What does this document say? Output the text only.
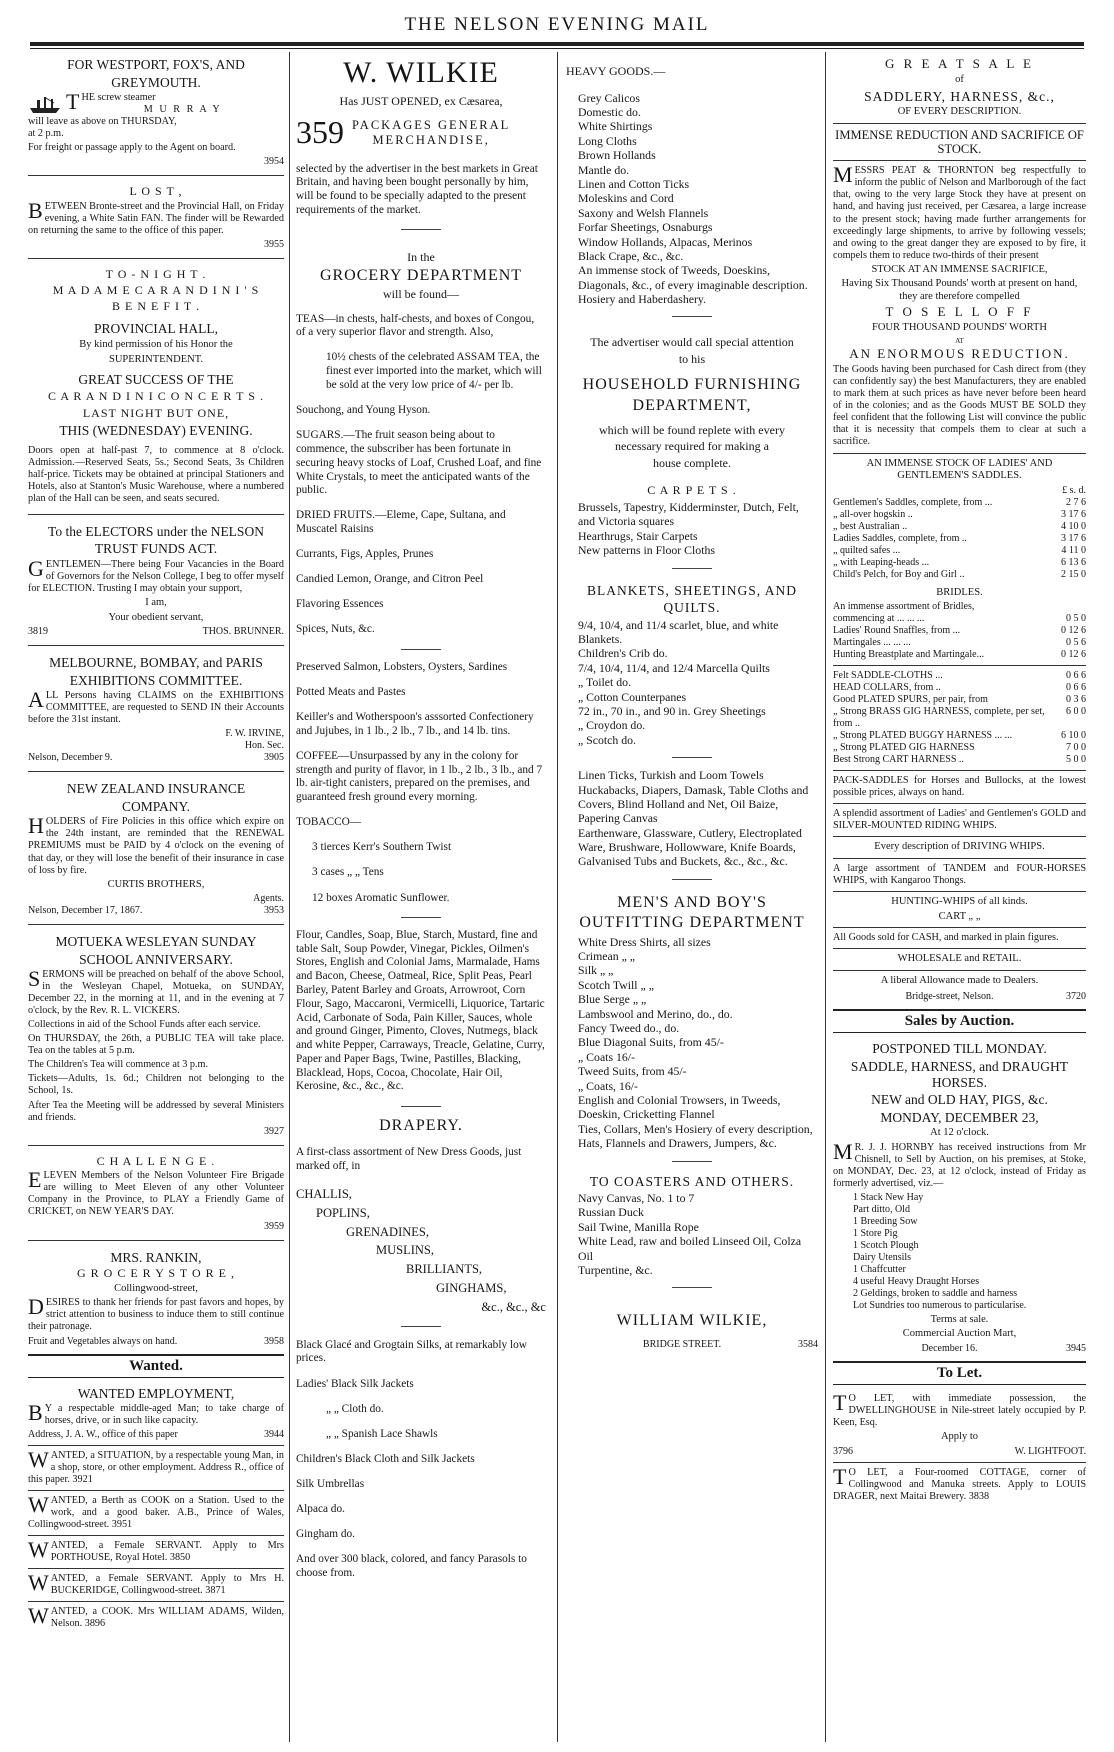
THE NELSON EVENING MAIL
FOR WESTPORT, FOX'S, AND
GREYMOUTH.
T HE screw steamer

M U R R A Y

will leave as above on THURSDAY,

at 2 p.m.

For freight or passage apply to the Agent on board.

3954
L O S T ,

BETWEEN Bronte-street and the Provincial Hall, on Friday evening, a White Satin FAN. The finder will be Rewarded on returning the same to the office of this paper.

3955
T O - N I G H T .
M A D A M E C A R A N D I N I ' S
B E N E F I T .
PROVINCIAL HALL,
By kind permission of his Honor the
SUPERINTENDENT.
GREAT SUCCESS OF THE
C A R A N D I N I C O N C E R T S .
LAST NIGHT BUT ONE,
THIS (WEDNESDAY) EVENING.

Doors open at half-past 7, to commence at 8 o'clock. Admission.—Reserved Seats, 5s.; Second Seats, 3s Children half-price. Tickets may be obtained at principal Stationers and Hotels, also at Stanton's Music Warehouse, where a numbered plan of the Hall can be seen, and seats secured.

To the ELECTORS under the NELSON
TRUST FUNDS ACT.

GENTLEMEN—There being Four Vacancies in the Board of Governors for the Nelson College, I beg to offer myself for ELECTION. Trusting I may obtain your support,

I am,
Your obedient servant,
3819	THOS. BRUNNER.
MELBOURNE, BOMBAY, and PARIS
EXHIBITIONS COMMITTEE.

ALL Persons having CLAIMS on the EXHIBITIONS COMMITTEE, are requested to SEND IN their Accounts before the 31st instant.

F. W. IRVINE,
Hon. Sec.
Nelson, December 9.	3905
NEW ZEALAND INSURANCE
COMPANY.

HOLDERS of Fire Policies in this office which expire on the 24th instant, are reminded that the RENEWAL PREMIUMS must be PAID by 4 o'clock on the evening of that day, or they will lose the benefit of their insurance in case of loss by fire.

CURTIS BROTHERS,
Agents.
Nelson, December 17, 1867.	3953
MOTUEKA WESLEYAN SUNDAY
SCHOOL ANNIVERSARY.

SERMONS will be preached on behalf of the above School, in the Wesleyan Chapel, Motueka, on SUNDAY, December 22, in the morning at 11, and in the evening at 7 o'clock, by the Rev. R. L. VICKERS.

Collections in aid of the School Funds after each service.

On THURSDAY, the 26th, a PUBLIC TEA will take place. Tea on the tables at 5 p.m.

The Children's Tea will commence at 3 p.m.

Tickets—Adults, 1s. 6d.; Children not belonging to the School, 1s.

After Tea the Meeting will be addressed by several Ministers and friends.

3927
C H A L L E N G E .

ELEVEN Members of the Nelson Volunteer Fire Brigade are willing to Meet Eleven of any other Volunteer Company in the Province, to PLAY a Friendly Game of CRICKET, on NEW YEAR'S DAY.

3959
MRS. RANKIN,
G R O C E R Y S T O R E ,
Collingwood-street,

DESIRES to thank her friends for past favors and hopes, by strict attention to business to induce them to still continue their patronage.

Fruit and Vegetables always on hand.	3958
Wanted.
WANTED EMPLOYMENT,

B Y a respectable middle-aged Man; to take charge of horses, drive, or in such like capacity.

Address, J. A. W., office of this paper	3944

WANTED, a SITUATION, by a respectable young Man, in a shop, store, or other employment. Address R., office of this paper. 3921

WANTED, a Berth as COOK on a Station. Used to the work, and a good baker. A.B., Prince of Wales, Collingwood-street. 3951

WANTED, a Female SERVANT. Apply to Mrs PORTHOUSE, Royal Hotel. 3850

WANTED, a Female SERVANT. Apply to Mrs H. BUCKERIDGE, Collingwood-street. 3871

WANTED, a COOK. Mrs WILLIAM ADAMS, Wilden, Nelson. 3896

W. WILKIE
Has JUST OPENED, ex Cæsarea,
359 PACKAGES GENERAL
MERCHANDISE,

selected by the advertiser in the best markets in Great Britain, and having been bought personally by him, will be found to be specially adapted to the present requirements of the market.

In the
GROCERY DEPARTMENT
will be found—

TEAS—in chests, half-chests, and boxes of Congou, of a very superior flavor and strength. Also,

10½ chests of the celebrated ASSAM TEA, the finest ever imported into the market, which will be sold at the very low price of 4/- per lb.

Souchong, and Young Hyson.

SUGARS.—The fruit season being about to commence, the subscriber has been fortunate in securing heavy stocks of Loaf, Crushed Loaf, and fine White Crystals, to meet the anticipated wants of the public.

DRIED FRUITS.—Eleme, Cape, Sultana, and Muscatel Raisins

Currants, Figs, Apples, Prunes

Candied Lemon, Orange, and Citron Peel

Flavoring Essences

Spices, Nuts, &c.

Preserved Salmon, Lobsters, Oysters, Sardines

Potted Meats and Pastes

Keiller's and Wotherspoon's asssorted Confectionery and Jujubes, in 1 lb., 2 lb., 7 lb., and 14 lb. tins.

COFFEE—Unsurpassed by any in the colony for strength and purity of flavor, in 1 lb., 2 lb., 3 lb., and 7 lb. air-tight canisters, prepared on the premises, and guaranteed fresh ground every morning.

TOBACCO—

3 tierces Kerr's Southern Twist

3 cases „ „ Tens

12 boxes Aromatic Sunflower.

Flour, Candles, Soap, Blue, Starch, Mustard, fine and table Salt, Soup Powder, Vinegar, Pickles, Oilmen's Stores, English and Colonial Jams, Marmalade, Hams and Bacon, Cheese, Oatmeal, Rice, Split Peas, Pearl Barley, Patent Barley and Groats, Arrowroot, Corn Flour, Sago, Maccaroni, Vermicelli, Liquorice, Tartaric Acid, Carbonate of Soda, Pain Killer, Sauces, whole and ground Ginger, Pimento, Cloves, Nutmegs, black and white Pepper, Carraways, Treacle, Gelatine, Curry, Paper and Paper Bags, Twine, Pastilles, Blacking, Blacklead, Hops, Cocoa, Chocolate, Hair Oil, Kerosine, &c., &c., &c.

DRAPERY.

A first-class assortment of New Dress Goods, just marked off, in

CHALLIS,
POPLINS,
GRENADINES,
MUSLINS,
BRILLIANTS,
GINGHAMS,
&c., &c., &c

Black Glacé and Grogtain Silks, at remarkably low prices.

Ladies' Black Silk Jackets

„ „ Cloth do.

„ „ Spanish Lace Shawls

Children's Black Cloth and Silk Jackets

Silk Umbrellas

Alpaca do.

Gingham do.

And over 300 black, colored, and fancy Parasols to choose from.

HEAVY GOODS.—

Grey Calicos
Domestic do.
White Shirtings
Long Cloths
Brown Hollands
Mantle do.
Linen and Cotton Ticks
Moleskins and Cord
Saxony and Welsh Flannels
Forfar Sheetings, Osnaburgs
Window Hollands, Alpacas, Merinos
Black Crape, &c., &c.
An immense stock of Tweeds, Doeskins, Diagonals, &c., of every imaginable description.
Hosiery and Haberdashery.
The advertiser would call special attention
to his
HOUSEHOLD FURNISHING
DEPARTMENT,
which will be found replete with every
necessary required for making a
house complete.
C A R P E T S .
Brussels, Tapestry, Kidderminster, Dutch, Felt, and Victoria squares
Hearthrugs, Stair Carpets
New patterns in Floor Cloths
BLANKETS, SHEETINGS, AND
QUILTS.
9/4, 10/4, and 11/4 scarlet, blue, and white Blankets.
Children's Crib do.
7/4, 10/4, 11/4, and 12/4 Marcella Quilts
„ Toilet do.
„ Cotton Counterpanes
72 in., 70 in., and 90 in. Grey Sheetings
„ Croydon do.
„ Scotch do.
Linen Ticks, Turkish and Loom Towels
Huckabacks, Diapers, Damask, Table Cloths and Covers, Blind Holland and Net, Oil Baize, Papering Canvas
Earthenware, Glassware, Cutlery, Electroplated Ware, Brushware, Hollowware, Knife Boards, Galvanised Tubs and Buckets, &c., &c., &c.
MEN'S AND BOY'S
OUTFITTING DEPARTMENT
White Dress Shirts, all sizes
Crimean „ „
Silk „ „
Scotch Twill „ „
Blue Serge „ „
Lambswool and Merino, do., do.
Fancy Tweed do., do.
Blue Diagonal Suits, from 45/-
„ Coats 16/-
Tweed Suits, from 45/-
„ Coats, 16/-
English and Colonial Trowsers, in Tweeds, Doeskin, Cricketting Flannel
Ties, Collars, Men's Hosiery of every description, Hats, Flannels and Drawers, Jumpers, &c.
TO COASTERS AND OTHERS.
Navy Canvas, No. 1 to 7
Russian Duck
Sail Twine, Manilla Rope
White Lead, raw and boiled Linseed Oil, Colza Oil
Turpentine, &c.
WILLIAM WILKIE,
BRIDGE STREET.	3584
G R E A T S A L E
of
SADDLERY, HARNESS, &c.,
OF EVERY DESCRIPTION.
IMMENSE REDUCTION AND SACRIFICE OF STOCK.

MESSRS PEAT & THORNTON beg respectfully to inform the public of Nelson and Marlborough of the fact that, owing to the very large Stock they have at present on hand, and having just received, per Cæsarea, a large increase to the present stock; having made further arrangements for exceedingly large shipments, to arrive by following vessels; and owing to the great danger they are exposed to by fire, it compels them to reduce two-thirds of their present

STOCK AT AN IMMENSE SACRIFICE,
Having Six Thousand Pounds' worth at present on hand, they are therefore compelled
T O S E L L O F F
FOUR THOUSAND POUNDS' WORTH
AT
AN ENORMOUS REDUCTION.

The Goods having been purchased for Cash direct from (they can confidently say) the best Manufacturers, they are enabled to mark them at such prices as have never before been heard of in the colonies; and as the Goods MUST BE SOLD they feel confident that the following List will convince the public that it is necessity that compels them to clear at such a sacrifice.

AN IMMENSE STOCK OF LADIES' AND GENTLEMEN'S SADDLES.
£ s. d.
Gentlemen's Saddles, complete, from ...	2 7 6
„ all-over hogskin ..	3 17 6
„ best Australian ..	4 10 0
Ladies Saddles, complete, from ..	3 17 6
„ quilted safes ...	4 11 0
„ with Leaping-heads ...	6 13 6
Child's Pelch, for Boy and Girl ..	2 15 0
BRIDLES.
An immense assortment of Bridles,
commencing at ... ... ...	0 5 0
Ladies' Round Snaffles, from ...	0 12 6
Martingales ... ... ...	0 5 6
Hunting Breastplate and Martingale...	0 12 6
Felt SADDLE-CLOTHS ...	0 6 6
HEAD COLLARS, from ..	0 6 6
Good PLATED SPURS, per pair, from	0 3 6
„ Strong BRASS GIG HARNESS, complete, per set, from ..
6 0 0
„ Strong PLATED BUGGY HARNESS ... ...	6 10 0
„ Strong PLATED GIG HARNESS	7 0 0
Best Strong CART HARNESS ..	5 0 0

PACK-SADDLES for Horses and Bullocks, at the lowest possible prices, always on hand.

A splendid assortment of Ladies' and Gentlemen's GOLD and SILVER-MOUNTED RIDING WHIPS.

Every description of DRIVING WHIPS.

A large assortment of TANDEM and FOUR-HORSES WHIPS, with Kangaroo Thongs.

HUNTING-WHIPS of all kinds.
CART „ „

All Goods sold for CASH, and marked in plain figures.

WHOLESALE and RETAIL.
A liberal Allowance made to Dealers.
Bridge-street, Nelson.	3720
Sales by Auction.
POSTPONED TILL MONDAY.
SADDLE, HARNESS, and DRAUGHT HORSES.
NEW and OLD HAY, PIGS, &c.
MONDAY, DECEMBER 23,
At 12 o'clock.

M R. J. J. HORNBY has received instructions from Mr Chisnell, to Sell by Auction, on his premises, at Stoke, on MONDAY, Dec. 23, at 12 o'clock, instead of Friday as formerly advertised, viz.—

1 Stack New Hay
Part ditto, Old
1 Breeding Sow
1 Store Pig
1 Scotch Plough
Dairy Utensils
1 Chaffcutter
4 useful Heavy Draught Horses
2 Geldings, broken to saddle and harness
Lot Sundries too numerous to particularise.
Terms at sale.
Commercial Auction Mart,
December 16.	3945
To Let.

T O LET, with immediate possession, the DWELLINGHOUSE in Nile-street lately occupied by P. Keen, Esq.

Apply to
3796	W. LIGHTFOOT.

T O LET, a Four-roomed COTTAGE, corner of Collingwood and Manuka streets. Apply to LOUIS DRAGER, next Maitai Brewery. 3838
